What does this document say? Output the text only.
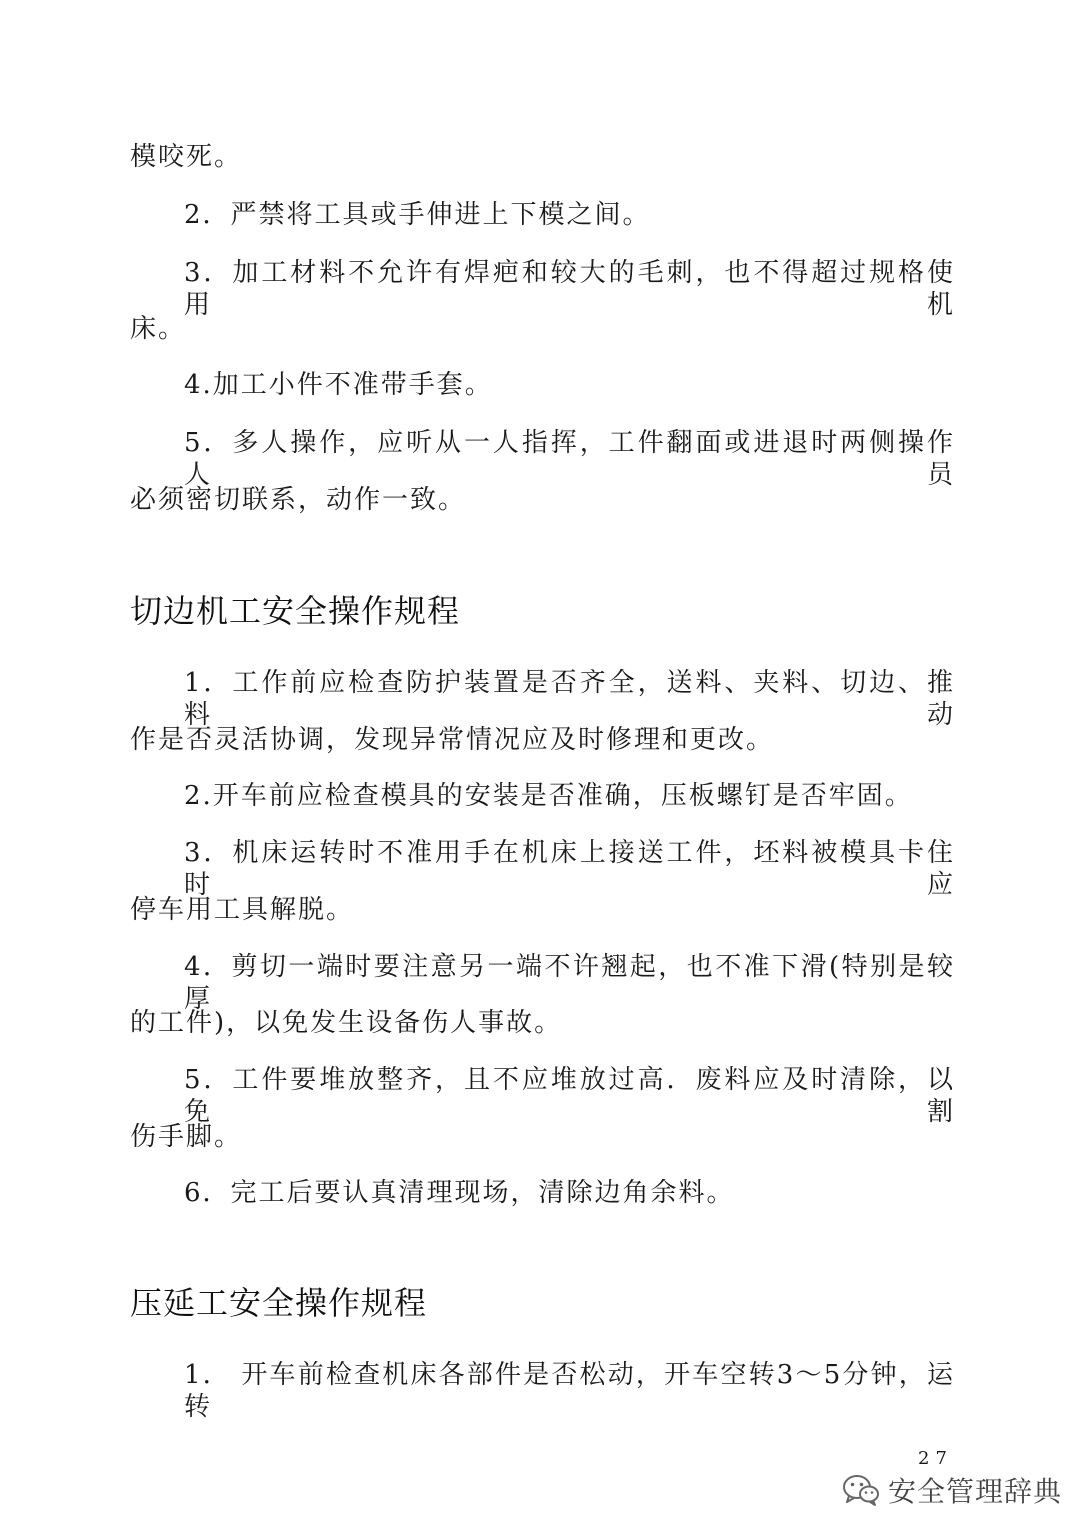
模咬死。
2．严禁将工具或手伸进上下模之间。
3．加工材料不允许有焊疤和较大的毛刺，也不得超过规格使用机
床。
4.加工小件不准带手套。
5．多人操作，应听从一人指挥，工件翻面或进退时两侧操作人员
必须密切联系，动作一致。
切边机工安全操作规程
1．工作前应检查防护装置是否齐全，送料、夹料、切边、推料动
作是否灵活协调，发现异常情况应及时修理和更改。
2.开车前应检查模具的安装是否准确，压板螺钉是否牢固。
3．机床运转时不准用手在机床上接送工件，坯料被模具卡住时应
停车用工具解脱。
4．剪切一端时要注意另一端不许翘起，也不准下滑(特别是较厚
的工件)，以免发生设备伤人事故。
5．工件要堆放整齐，且不应堆放过高．废料应及时清除，以免割
伤手脚。
6．完工后要认真清理现场，清除边角余料。
压延工安全操作规程
1． 开车前检查机床各部件是否松动，开车空转3～5分钟，运转
27
安全管理辞典
